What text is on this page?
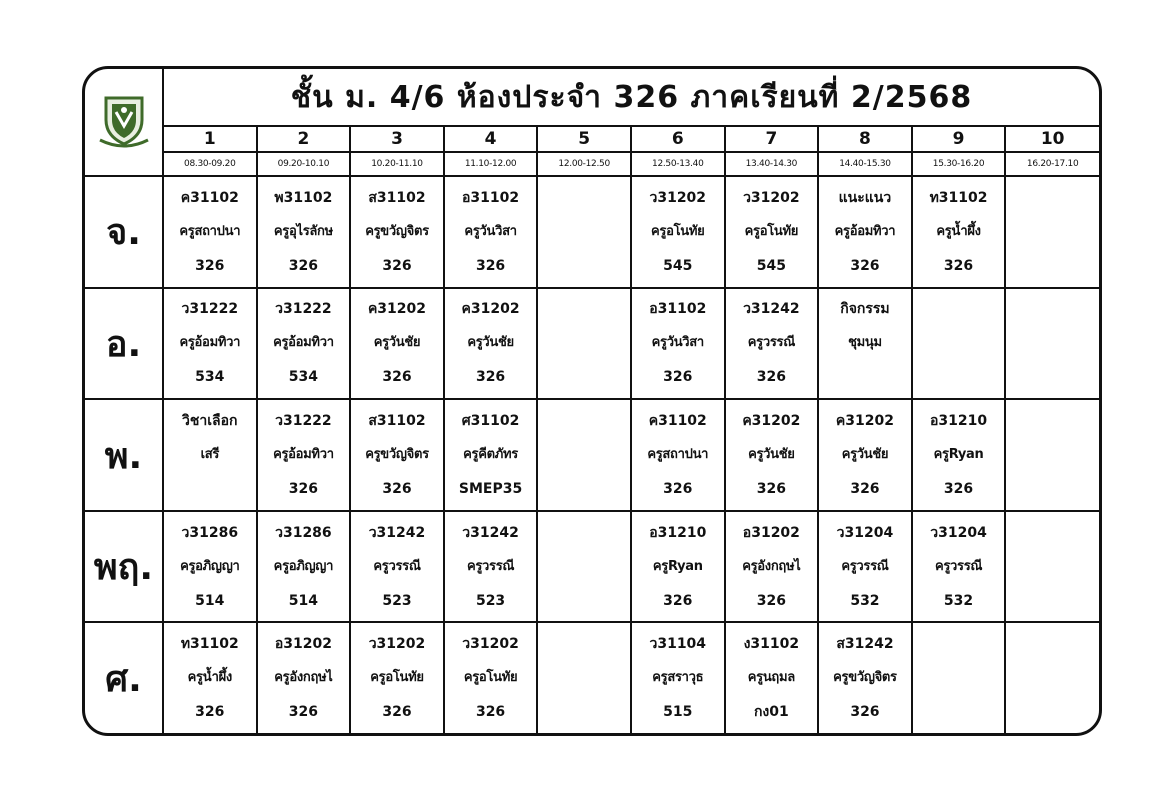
	ชั้น ม. 4/6 ห้องประจำ 326 ภาคเรียนที่ 2/2568									
	1	2	3	4	5	6	7	8	9	10
	08.30-09.20	09.20-10.10	10.20-11.10	11.10-12.00	12.00-12.50	12.50-13.40	13.40-14.30	14.40-15.30	15.30-16.20	16.20-17.10
จ.	ค31102
ครูสถาปนา
326	พ31102
ครูอุไรลักษ
326	ส31102
ครูขวัญจิตร
326	อ31102
ครูวันวิสา
326		ว31202
ครูอโนทัย
545	ว31202
ครูอโนทัย
545	แนะแนว
ครูอ้อมทิวา
326	ท31102
ครูน้ำผึ้ง
326	

อ.	ว31222
ครูอ้อมทิวา
534	ว31222
ครูอ้อมทิวา
534	ค31202
ครูวันชัย
326	ค31202
ครูวันชัย
326		อ31102
ครูวันวิสา
326	ว31242
ครูวรรณี
326	กิจกรรม
ชุมนุม		

พ.	วิชาเลือก
เสรี	ว31222
ครูอ้อมทิวา
326	ส31102
ครูขวัญจิตร
326	ศ31102
ครูคีตภัทร
SMEP35		ค31102
ครูสถาปนา
326	ค31202
ครูวันชัย
326	ค31202
ครูวันชัย
326	อ31210
ครูRyan
326	

พฤ.	ว31286
ครูอภิญญา
514	ว31286
ครูอภิญญา
514	ว31242
ครูวรรณี
523	ว31242
ครูวรรณี
523		อ31210
ครูRyan
326	อ31202
ครูอังกฤษไ
326	ว31204
ครูวรรณี
532	ว31204
ครูวรรณี
532	

ศ.	ท31102
ครูน้ำผึ้ง
326	อ31202
ครูอังกฤษไ
326	ว31202
ครูอโนทัย
326	ว31202
ครูอโนทัย
326		ว31104
ครูสราวุธ
515	ง31102
ครูนฤมล
กง01	ส31242
ครูขวัญจิตร
326		
